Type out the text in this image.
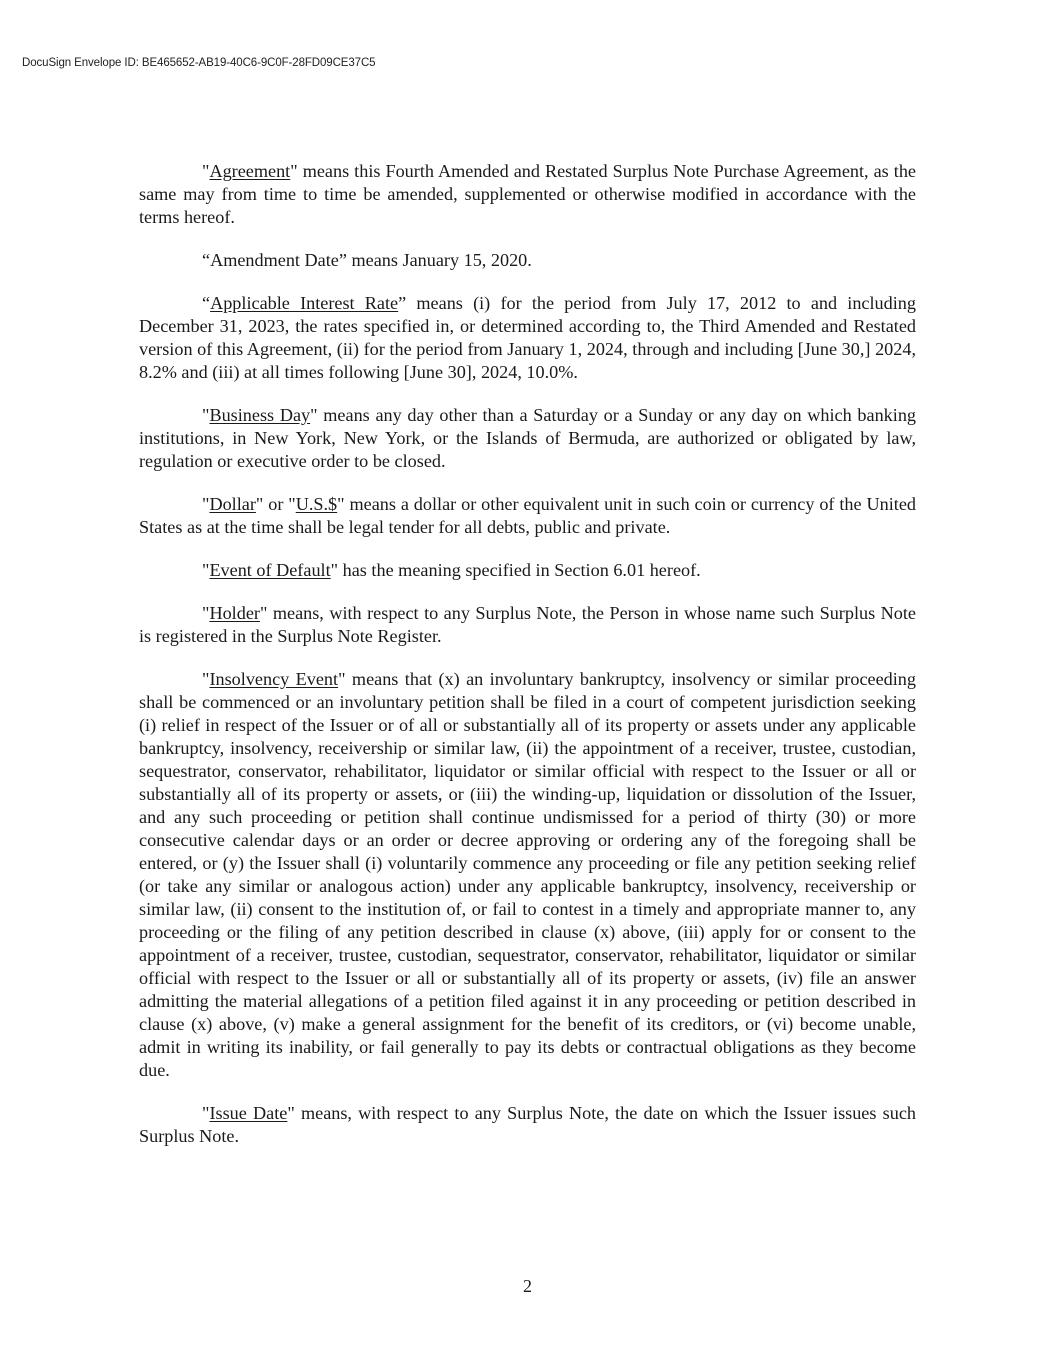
DocuSign Envelope ID: BE465652-AB19-40C6-9C0F-28FD09CE37C5

"Agreement" means this Fourth Amended and Restated Surplus Note Purchase Agreement, as the same may from time to time be amended, supplemented or otherwise modified in accordance with the terms hereof.

“Amendment Date” means January 15, 2020.

“Applicable Interest Rate” means (i) for the period from July 17, 2012 to and including December 31, 2023, the rates specified in, or determined according to, the Third Amended and Restated version of this Agreement, (ii) for the period from January 1, 2024, through and including [June 30,] 2024, 8.2% and (iii) at all times following [June 30], 2024, 10.0%.

"Business Day" means any day other than a Saturday or a Sunday or any day on which banking institutions, in New York, New York, or the Islands of Bermuda, are authorized or obligated by law, regulation or executive order to be closed.

"Dollar" or "U.S.$" means a dollar or other equivalent unit in such coin or currency of the United States as at the time shall be legal tender for all debts, public and private.

"Event of Default" has the meaning specified in Section 6.01 hereof.

"Holder" means, with respect to any Surplus Note, the Person in whose name such Surplus Note is registered in the Surplus Note Register.

"Insolvency Event" means that (x) an involuntary bankruptcy, insolvency or similar proceeding shall be commenced or an involuntary petition shall be filed in a court of competent jurisdiction seeking (i) relief in respect of the Issuer or of all or substantially all of its property or assets under any applicable bankruptcy, insolvency, receivership or similar law, (ii) the appointment of a receiver, trustee, custodian, sequestrator, conservator, rehabilitator, liquidator or similar official with respect to the Issuer or all or substantially all of its property or assets, or (iii) the winding-up, liquidation or dissolution of the Issuer, and any such proceeding or petition shall continue undismissed for a period of thirty (30) or more consecutive calendar days or an order or decree approving or ordering any of the foregoing shall be entered, or (y) the Issuer shall (i) voluntarily commence any proceeding or file any petition seeking relief (or take any similar or analogous action) under any applicable bankruptcy, insolvency, receivership or similar law, (ii) consent to the institution of, or fail to contest in a timely and appropriate manner to, any proceeding or the filing of any petition described in clause (x) above, (iii) apply for or consent to the appointment of a receiver, trustee, custodian, sequestrator, conservator, rehabilitator, liquidator or similar official with respect to the Issuer or all or substantially all of its property or assets, (iv) file an answer admitting the material allegations of a petition filed against it in any proceeding or petition described in clause (x) above, (v) make a general assignment for the benefit of its creditors, or (vi) become unable, admit in writing its inability, or fail generally to pay its debts or contractual obligations as they become due.

"Issue Date" means, with respect to any Surplus Note, the date on which the Issuer issues such Surplus Note.

2
